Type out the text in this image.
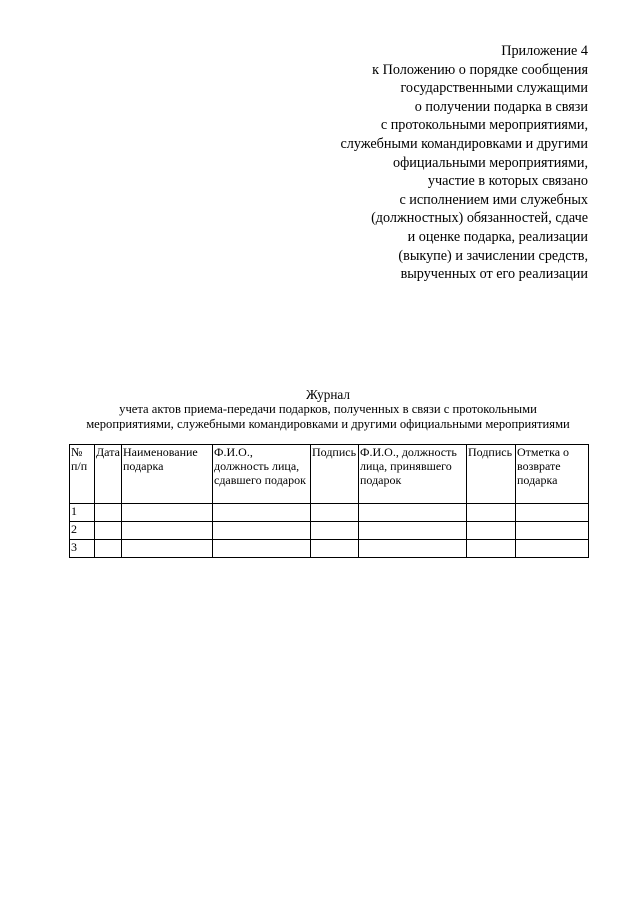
Приложение 4
к Положению о порядке сообщения
государственными служащими
о получении подарка в связи
с протокольными мероприятиями,
служебными командировками и другими
официальными мероприятиями,
участие в которых связано
с исполнением ими служебных
(должностных) обязанностей, сдаче
и оценке подарка, реализации
(выкупе) и зачислении средств,
вырученных от его реализации
Журнал
учета актов приема-передачи подарков, полученных в связи с протокольными
мероприятиями, служебными командировками и другими официальными мероприятиями
№ п/п	Дата	Наименование подарка	Ф.И.О., должность лица, сдавшего подарок	Подпись	Ф.И.О., должность лица, принявшего подарок	Подпись	Отметка о возврате подарка
1							
2							
3							
